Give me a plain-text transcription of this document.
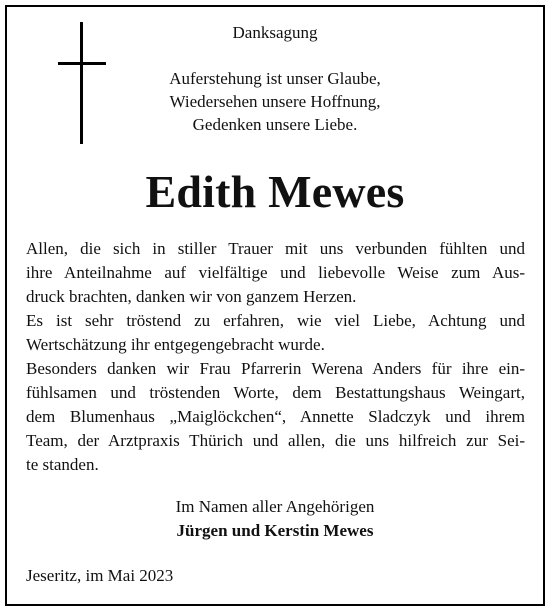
Danksagung
Auferstehung ist unser Glaube,
Wiedersehen unsere Hoffnung,
Gedenken unsere Liebe.
Edith Mewes
Allen, die sich in stiller Trauer mit uns verbunden fühlten und
ihre Anteilnahme auf vielfältige und liebevolle Weise zum Aus-
druck brachten, danken wir von ganzem Herzen.
Es ist sehr tröstend zu erfahren, wie viel Liebe, Achtung und
Wertschätzung ihr entgegengebracht wurde.
Besonders danken wir Frau Pfarrerin Werena Anders für ihre ein-
fühlsamen und tröstenden Worte, dem Bestattungshaus Weingart,
dem Blumenhaus „Maiglöckchen“, Annette Sladczyk und ihrem
Team, der Arztpraxis Thürich und allen, die uns hilfreich zur Sei-
te standen.
Im Namen aller Angehörigen
Jürgen und Kerstin Mewes
Jeseritz, im Mai 2023
